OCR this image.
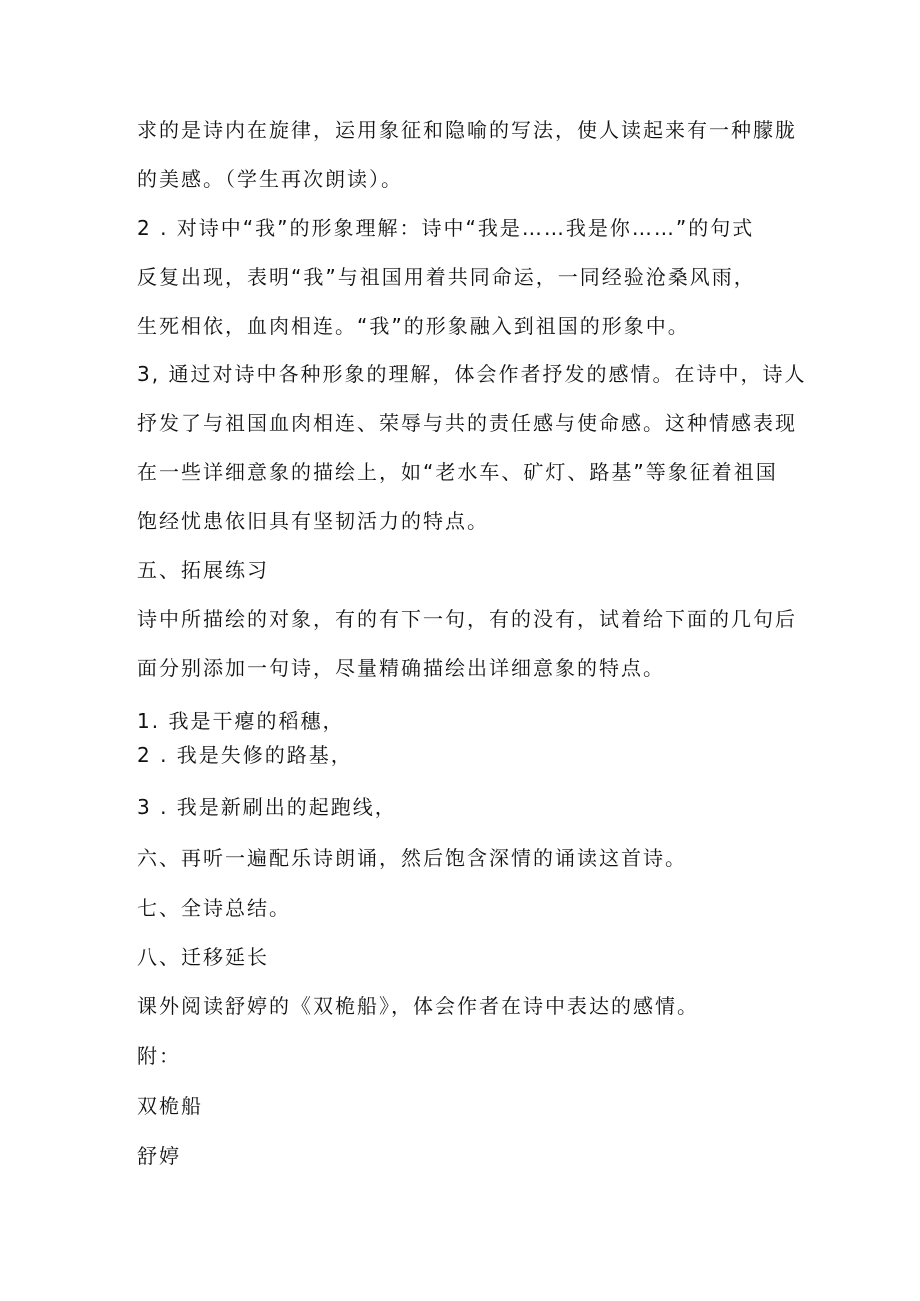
求的是诗内在旋律，运用象征和隐喻的写法，使人读起来有一种朦胧
的美感。（学生再次朗读）。
2 . 对诗中“我”的形象理解：诗中“我是……我是你……”的句式
反复出现，表明“我”与祖国用着共同命运，一同经验沧桑风雨，
生死相依，血肉相连。“我”的形象融入到祖国的形象中。
3, 通过对诗中各种形象的理解，体会作者抒发的感情。在诗中，诗人
抒发了与祖国血肉相连、荣辱与共的责任感与使命感。这种情感表现
在一些详细意象的描绘上，如“老水车、矿灯、路基”等象征着祖国
饱经忧患依旧具有坚韧活力的特点。
五、拓展练习
诗中所描绘的对象，有的有下一句，有的没有，试着给下面的几句后
面分别添加一句诗，尽量精确描绘出详细意象的特点。
1. 我是干瘪的稻穗，
2 . 我是失修的路基，
3 . 我是新刷出的起跑线，
六、再听一遍配乐诗朗诵，然后饱含深情的诵读这首诗。
七、全诗总结。
八、迁移延长
课外阅读舒婷的《双桅船》，体会作者在诗中表达的感情。
附：
双桅船
舒婷
